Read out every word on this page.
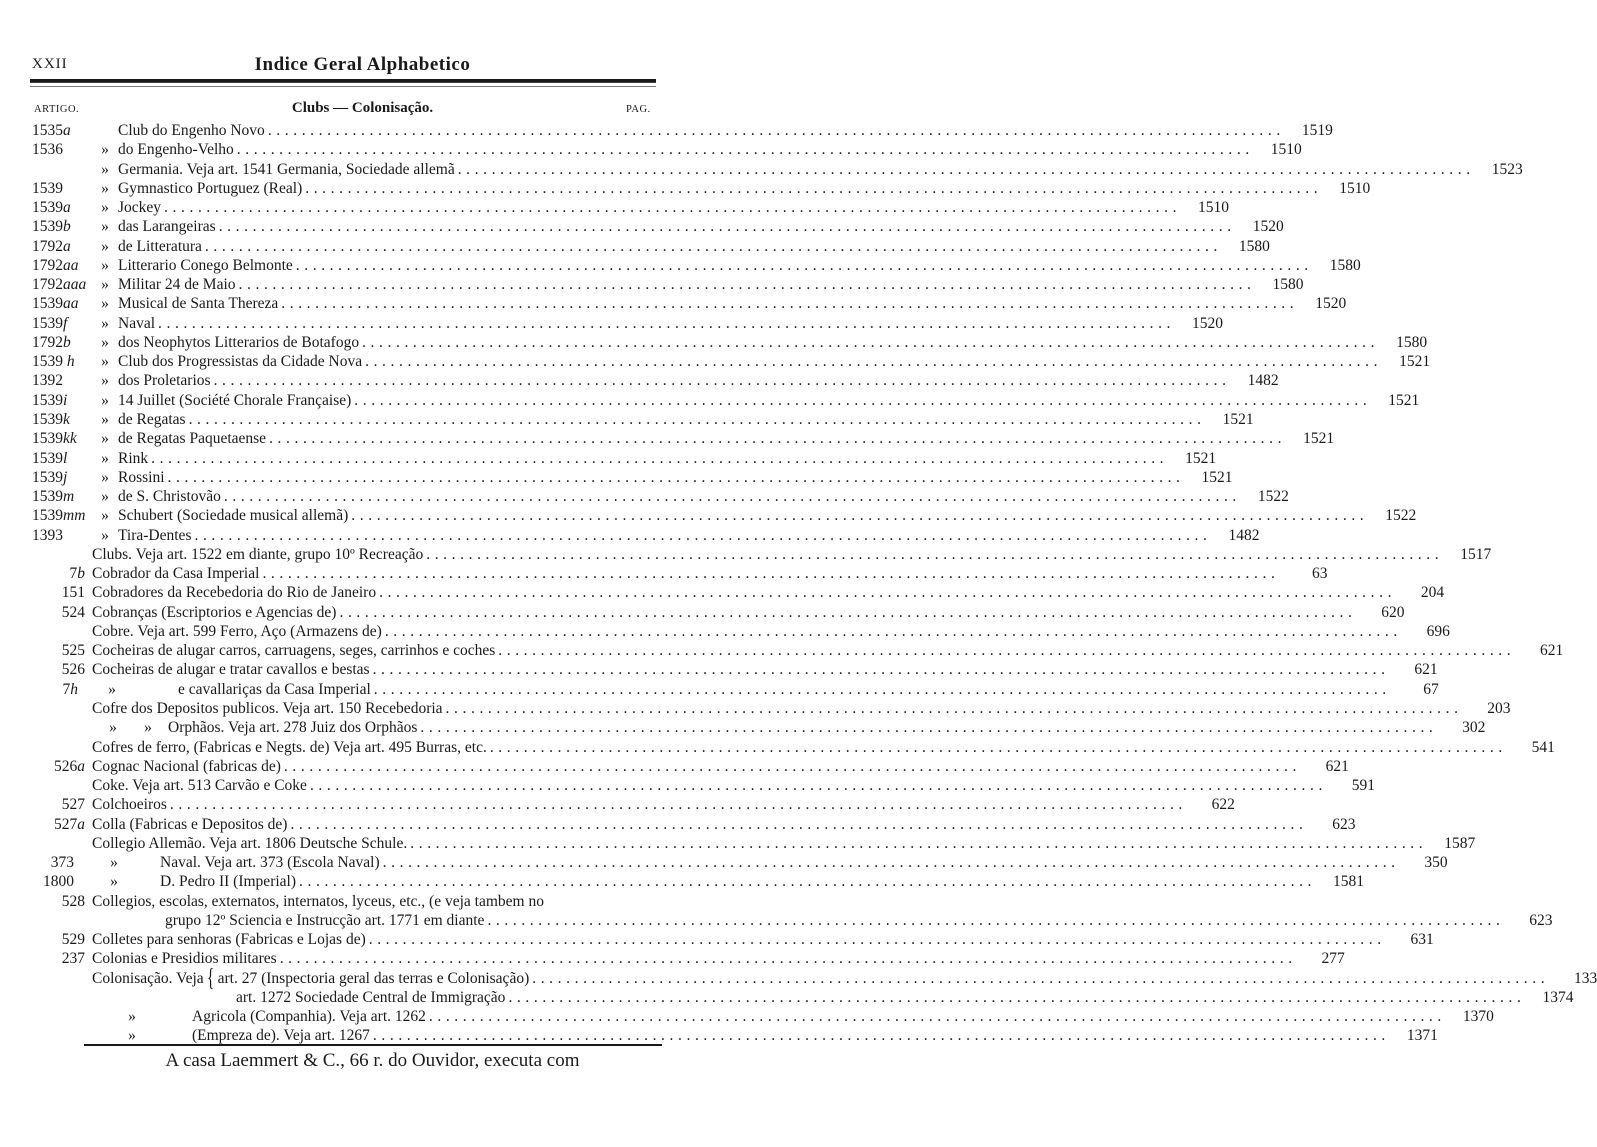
XXII	Indice Geral Alphabetico
ARTIGO.	Clubs — Colonisação.	PAG.
1535a	Club do Engenho Novo ........................................................................................................................	1519
1536	» do Engenho-Velho ........................................................................................................................	1510
» Germania. Veja art. 1541 Germania, Sociedade allemã ........................................................................................................................	1523
1539	» Gymnastico Portuguez (Real) ........................................................................................................................	1510
1539a	» Jockey ........................................................................................................................	1510
1539b	» das Larangeiras ........................................................................................................................	1520
1792a	» de Litteratura ........................................................................................................................	1580
1792aa	» Litterario Conego Belmonte ........................................................................................................................	1580
1792aaa » Militar 24 de Maio ........................................................................................................................	1580
1539aa	» Musical de Santa Thereza ........................................................................................................................	1520
1539f	» Naval ........................................................................................................................	1520
1792b	» dos Neophytos Litterarios de Botafogo ........................................................................................................................	1580
1539 h	» Club dos Progressistas da Cidade Nova ........................................................................................................................	1521
1392	» dos Proletarios ........................................................................................................................	1482
1539i	» 14 Juillet (Société Chorale Française) ........................................................................................................................	1521
1539k	» de Regatas ........................................................................................................................	1521
1539kk	» de Regatas Paquetaense ........................................................................................................................	1521
1539l	» Rink ........................................................................................................................	1521
1539j	» Rossini ........................................................................................................................	1521
1539m	» de S. Christovão ........................................................................................................................	1522
1539mm	» Schubert (Sociedade musical allemã) ........................................................................................................................	1522
1393	» Tira-Dentes ........................................................................................................................	1482
Clubs. Veja art. 1522 em diante, grupo 10º Recreação ........................................................................................................................	1517
7b Cobrador da Casa Imperial ........................................................................................................................	63
151 Cobradores da Recebedoria do Rio de Janeiro ........................................................................................................................	204
524 Cobranças (Escriptorios e Agencias de) ........................................................................................................................	620
Cobre. Veja art. 599 Ferro, Aço (Armazens de) ........................................................................................................................	696
525 Cocheiras de alugar carros, carruagens, seges, carrinhos e coches ........................................................................................................................	621
526 Cocheiras de alugar e tratar cavallos e bestas ........................................................................................................................	621
7h	»	e cavallariças da Casa Imperial ........................................................................................................................	67
Cofre dos Depositos publicos. Veja art. 150 Recebedoria ........................................................................................................................	203
»	»	Orphãos. Veja art. 278 Juiz dos Orphãos ........................................................................................................................	302
Cofres de ferro, (Fabricas e Negts. de) Veja art. 495 Burras, etc. ........................................................................................................................	541
526a Cognac Nacional (fabricas de) ........................................................................................................................	621
Coke. Veja art. 513 Carvão e Coke ........................................................................................................................	591
527 Colchoeiros ........................................................................................................................	622
527a Colla (Fabricas e Depositos de) ........................................................................................................................	623
Collegio Allemão. Veja art. 1806 Deutsche Schule. ........................................................................................................................	1587
373	»	Naval. Veja art. 373 (Escola Naval) ........................................................................................................................	350
1800	»	D. Pedro II (Imperial) ........................................................................................................................	1581
528 Collegios, escolas, externatos, internatos, lyceus, etc., (e veja tambem no
grupo 12º Sciencia e Instrucção art. 1771 em diante ........................................................................................................................	623
529 Colletes para senhoras (Fabricas e Lojas de) ........................................................................................................................	631
237 Colonias e Presidios militares ........................................................................................................................	277
Colonisação. Veja { art. 27 (Inspectoria geral das terras e Colonisação) ........................................................................................................................	133
art. 1272 Sociedade Central de Immigração ........................................................................................................................	1374
»	Agricola (Companhia). Veja art. 1262 ........................................................................................................................	1370
»	(Empreza de). Veja art. 1267 ........................................................................................................................	1371
A casa Laemmert & C., 66 r. do Ouvidor, executa com
